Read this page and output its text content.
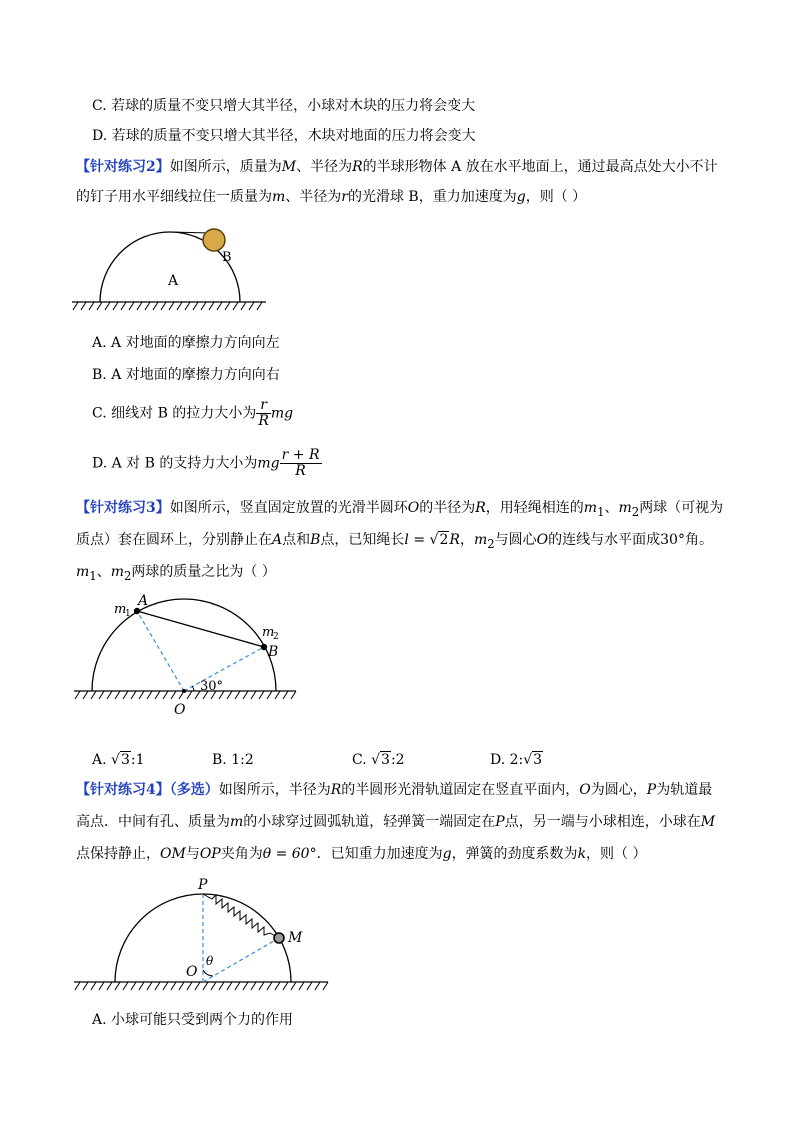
C. 若球的质量不变只增大其半径，小球对木块的压力将会变大
D. 若球的质量不变只增大其半径，木块对地面的压力将会变大
【针对练习2】如图所示，质量为M、半径为R的半球形物体 A 放在水平地面上，通过最高点处大小不计
的钉子用水平细线拉住一质量为m、半径为r的光滑球 B，重力加速度为g，则（ ）
A
B
A. A 对地面的摩擦力方向向左
B. A 对地面的摩擦力方向向右
C. 细线对 B 的拉力大小为 $\frac{r}{R}$ mg
D. A 对 B 的支持力大小为mg $\frac{r + R}{R}$
【针对练习3】如图所示，竖直固定放置的光滑半圆环O的半径为R，用轻绳相连的$m_1$、$m_2$两球（可视为
质点）套在圆环上，分别静止在A点和B点，已知绳长l = √2R，$m_2$与圆心O的连线与水平面成30°角。
$m_1$、$m_2$两球的质量之比为（ ）
m
1
A
m
2
B
O
30°
A. √3:1	B. 1:2	C. √3:2	D. 2:√3
【针对练习4】（多选）如图所示，半径为R的半圆形光滑轨道固定在竖直平面内，O为圆心，P为轨道最
高点．中间有孔、质量为m的小球穿过圆弧轨道，轻弹簧一端固定在P点，另一端与小球相连，小球在M
点保持静止，OM与OP夹角为θ = 60°．已知重力加速度为g，弹簧的劲度系数为k，则（ ）
P
M
O
θ
A. 小球可能只受到两个力的作用
